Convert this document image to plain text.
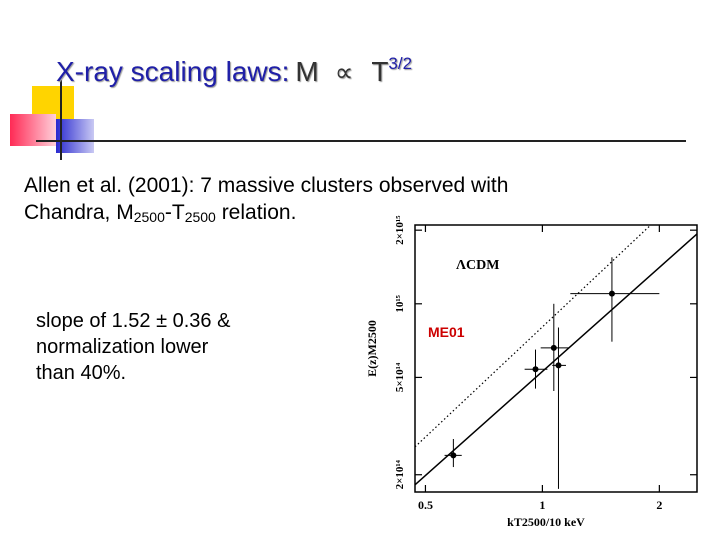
X-ray scaling laws: $M \propto T^{3/2}$

Allen et al. (2001): 7 massive clusters observed with
Chandra, $M_{2500}-T_{2500}$ relation.

slope of 1.52 ± 0.36 &
normalization lower
than 40%.

0.5	1	2
2×10¹⁴
5×10¹⁴
10¹⁵
2×10¹⁵
kT2500/10 keV
E(z)M2500
ΛCDM
ME01
